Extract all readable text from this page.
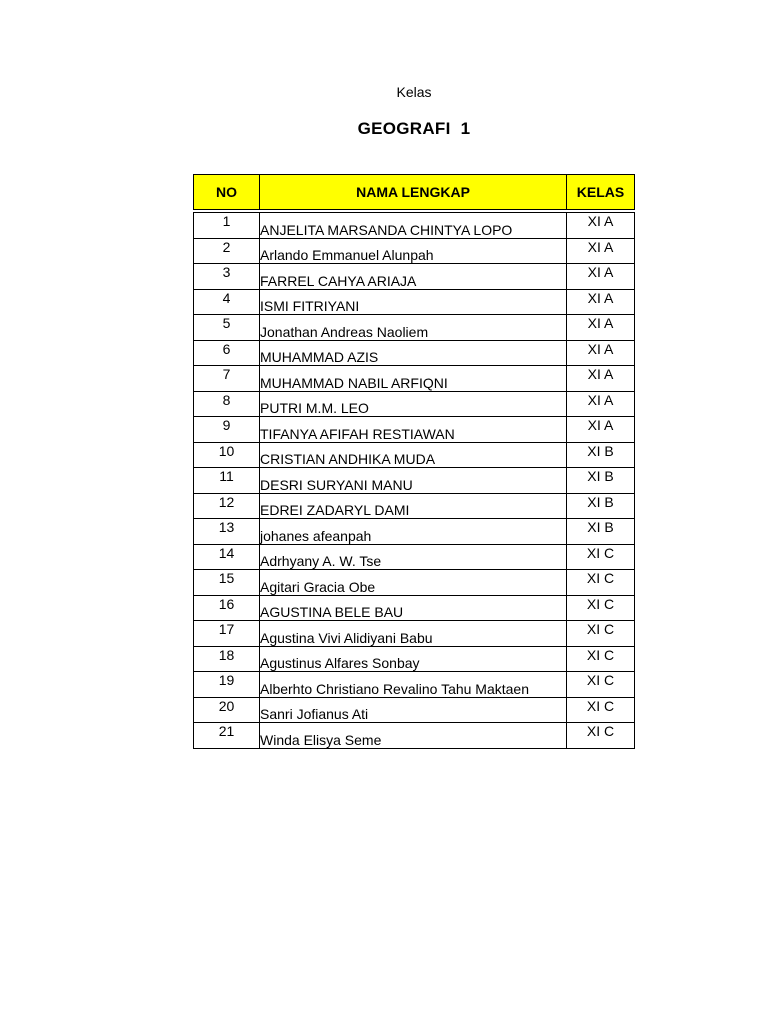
Kelas
GEOGRAFI  1
NO	NAMA LENGKAP	KELAS

1	ANJELITA MARSANDA CHINTYA LOPO	XI A
2	Arlando Emmanuel Alunpah	XI A
3	FARREL CAHYA ARIAJA	XI A
4	ISMI FITRIYANI	XI A
5	Jonathan Andreas Naoliem	XI A
6	MUHAMMAD AZIS	XI A
7	MUHAMMAD NABIL ARFIQNI	XI A
8	PUTRI M.M. LEO	XI A
9	TIFANYA AFIFAH RESTIAWAN	XI A
10	CRISTIAN ANDHIKA MUDA	XI B
11	DESRI SURYANI MANU	XI B
12	EDREI ZADARYL DAMI	XI B
13	johanes afeanpah	XI B
14	Adrhyany A. W. Tse	XI C
15	Agitari Gracia Obe	XI C
16	AGUSTINA BELE BAU	XI C
17	Agustina Vivi Alidiyani Babu	XI C
18	Agustinus Alfares Sonbay	XI C
19	Alberhto Christiano Revalino Tahu Maktaen	XI C
20	Sanri Jofianus Ati	XI C
21	Winda Elisya Seme	XI C
